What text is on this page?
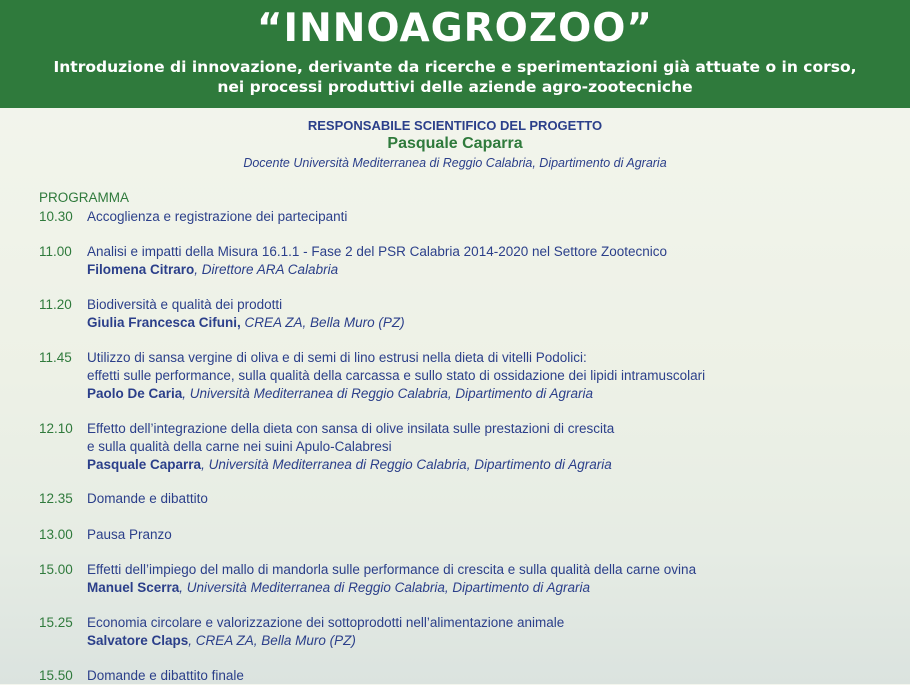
“INNOAGROZOO”
Introduzione di innovazione, derivante da ricerche e sperimentazioni già attuate o in corso,
nei processi produttivi delle aziende agro-zootecniche
RESPONSABILE SCIENTIFICO DEL PROGETTO
Pasquale Caparra
Docente Università Mediterranea di Reggio Calabria, Dipartimento di Agraria
PROGRAMMA
10.30	Accoglienza e registrazione dei partecipanti
11.00	Analisi e impatti della Misura 16.1.1 - Fase 2 del PSR Calabria 2014-2020 nel Settore Zootecnico
Filomena Citraro, Direttore ARA Calabria
11.20	Biodiversità e qualità dei prodotti
Giulia Francesca Cifuni, CREA ZA, Bella Muro (PZ)
11.45	Utilizzo di sansa vergine di oliva e di semi di lino estrusi nella dieta di vitelli Podolici:
effetti sulle performance, sulla qualità della carcassa e sullo stato di ossidazione dei lipidi intramuscolari
Paolo De Caria, Università Mediterranea di Reggio Calabria, Dipartimento di Agraria
12.10	Effetto dell’integrazione della dieta con sansa di olive insilata sulle prestazioni di crescita
e sulla qualità della carne nei suini Apulo-Calabresi
Pasquale Caparra, Università Mediterranea di Reggio Calabria, Dipartimento di Agraria
12.35	Domande e dibattito
13.00	Pausa Pranzo
15.00	Effetti dell’impiego del mallo di mandorla sulle performance di crescita e sulla qualità della carne ovina
Manuel Scerra, Università Mediterranea di Reggio Calabria, Dipartimento di Agraria
15.25	Economia circolare e valorizzazione dei sottoprodotti nell’alimentazione animale
Salvatore Claps, CREA ZA, Bella Muro (PZ)
15.50	Domande e dibattito finale
